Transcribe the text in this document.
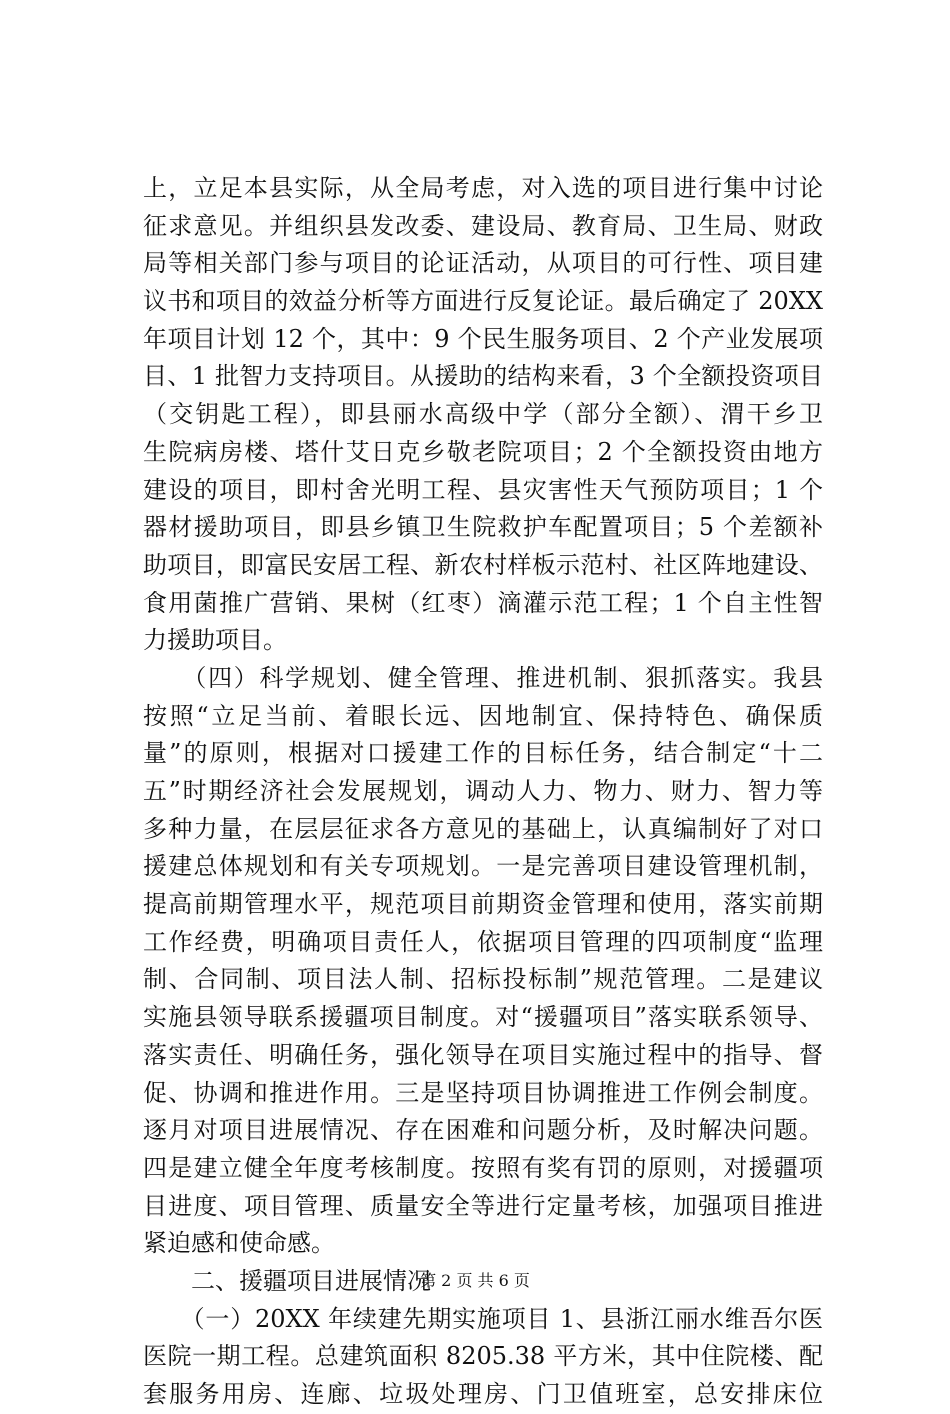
上，立足本县实际，从全局考虑，对入选的项目进行集中讨论
征求意见。并组织县发改委、建设局、教育局、卫生局、财政
局等相关部门参与项目的论证活动，从项目的可行性、项目建
议书和项目的效益分析等方面进行反复论证。最后确定了 20XX
年项目计划 12 个，其中：9 个民生服务项目、2 个产业发展项
目、1 批智力支持项目。从援助的结构来看，3 个全额投资项目
（交钥匙工程），即县丽水高级中学（部分全额）、渭干乡卫
生院病房楼、塔什艾日克乡敬老院项目；2 个全额投资由地方
建设的项目，即村舍光明工程、县灾害性天气预防项目；1 个
器材援助项目，即县乡镇卫生院救护车配置项目；5 个差额补
助项目，即富民安居工程、新农村样板示范村、社区阵地建设、
食用菌推广营销、果树（红枣）滴灌示范工程；1 个自主性智
力援助项目。
　　（四）科学规划、健全管理、推进机制、狠抓落实。我县
按照“立足当前、着眼长远、因地制宜、保持特色、确保质
量”的原则，根据对口援建工作的目标任务，结合制定“十二
五”时期经济社会发展规划，调动人力、物力、财力、智力等
多种力量，在层层征求各方意见的基础上，认真编制好了对口
援建总体规划和有关专项规划。一是完善项目建设管理机制，
提高前期管理水平，规范项目前期资金管理和使用，落实前期
工作经费，明确项目责任人，依据项目管理的四项制度“监理
制、合同制、项目法人制、招标投标制”规范管理。二是建议
实施县领导联系援疆项目制度。对“援疆项目”落实联系领导、
落实责任、明确任务，强化领导在项目实施过程中的指导、督
促、协调和推进作用。三是坚持项目协调推进工作例会制度。
逐月对项目进展情况、存在困难和问题分析，及时解决问题。
四是建立健全年度考核制度。按照有奖有罚的原则，对援疆项
目进度、项目管理、质量安全等进行定量考核，加强项目推进
紧迫感和使命感。
　　二、援疆项目进展情况
　　（一）20XX 年续建先期实施项目 1、县浙江丽水维吾尔医
医院一期工程。总建筑面积 8205.38 平方米，其中住院楼、配
套服务用房、连廊、垃圾处理房、门卫值班室，总安排床位
第 2 页 共 6 页
